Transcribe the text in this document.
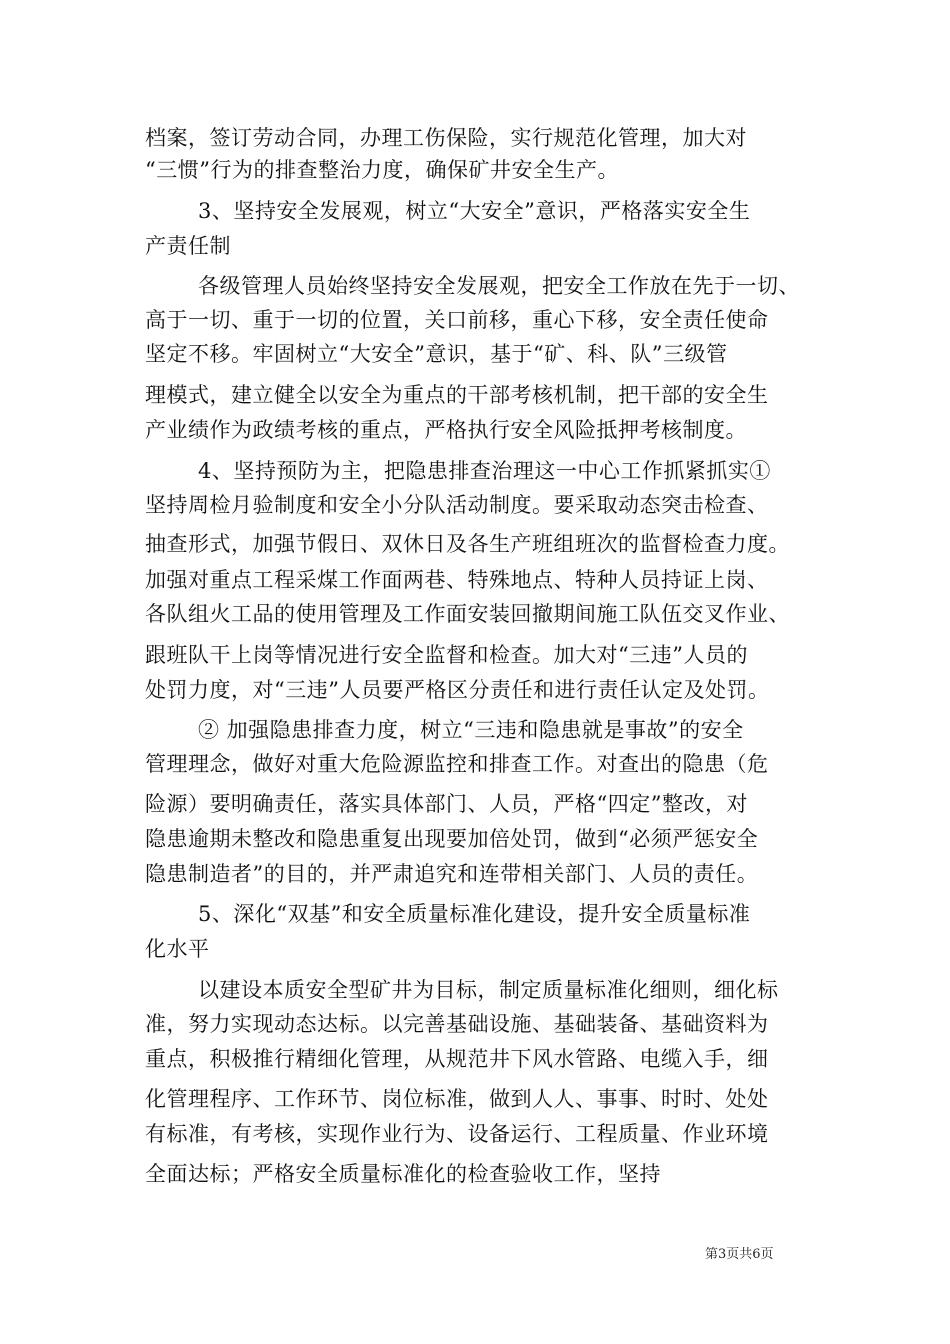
档案，签订劳动合同，办理工伤保险，实行规范化管理，加大对
“三惯”行为的排查整治力度，确保矿井安全生产。
3、坚持安全发展观，树立“大安全”意识，严格落实安全生
产责任制
各级管理人员始终坚持安全发展观，把安全工作放在先于一切、
高于一切、重于一切的位置，关口前移，重心下移，安全责任使命
坚定不移。牢固树立“大安全”意识，基于“矿、科、队”三级管
理模式，建立健全以安全为重点的干部考核机制，把干部的安全生
产业绩作为政绩考核的重点，严格执行安全风险抵押考核制度。
4、坚持预防为主，把隐患排查治理这一中心工作抓紧抓实①
坚持周检月验制度和安全小分队活动制度。要采取动态突击检查、
抽查形式，加强节假日、双休日及各生产班组班次的监督检查力度。
加强对重点工程采煤工作面两巷、特殊地点、特种人员持证上岗、
各队组火工品的使用管理及工作面安装回撤期间施工队伍交叉作业、
跟班队干上岗等情况进行安全监督和检查。加大对“三违”人员的
处罚力度，对“三违”人员要严格区分责任和进行责任认定及处罚。
② 加强隐患排查力度，树立“三违和隐患就是事故”的安全
管理理念，做好对重大危险源监控和排查工作。对查出的隐患（危
险源）要明确责任，落实具体部门、人员，严格“四定”整改，对
隐患逾期未整改和隐患重复出现要加倍处罚，做到“必须严惩安全
隐患制造者”的目的，并严肃追究和连带相关部门、人员的责任。
5、深化“双基”和安全质量标准化建设，提升安全质量标准
化水平
以建设本质安全型矿井为目标，制定质量标准化细则，细化标
准，努力实现动态达标。以完善基础设施、基础装备、基础资料为
重点，积极推行精细化管理，从规范井下风水管路、电缆入手，细
化管理程序、工作环节、岗位标准，做到人人、事事、时时、处处
有标准，有考核，实现作业行为、设备运行、工程质量、作业环境
全面达标；严格安全质量标准化的检查验收工作，坚持
第3页共6页
